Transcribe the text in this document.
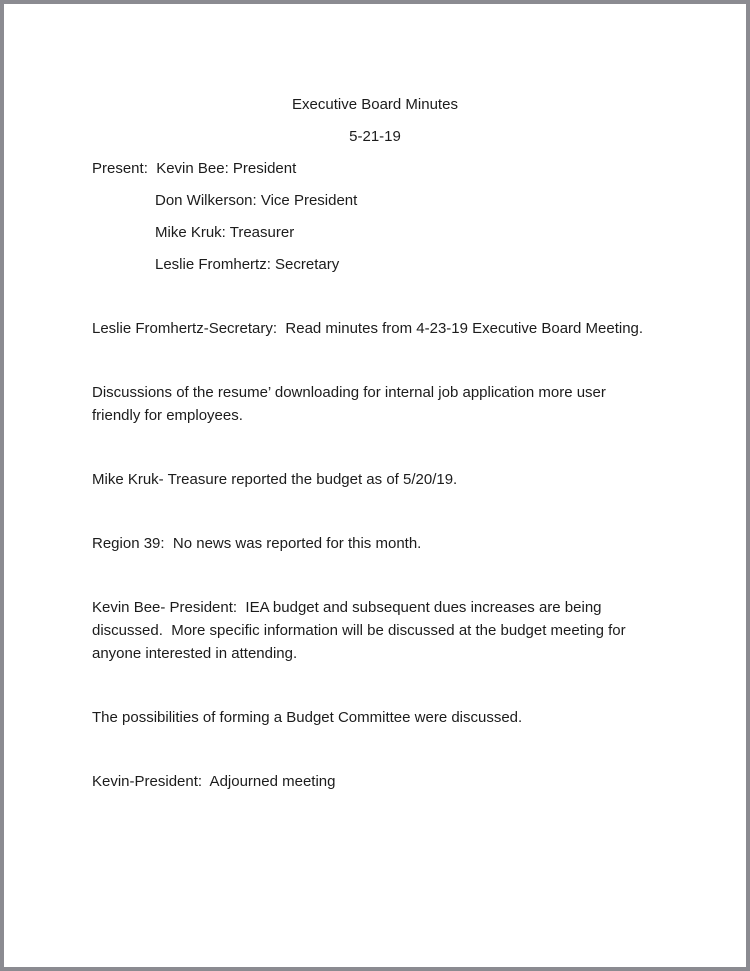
Executive Board Minutes

5-21-19

Present:  Kevin Bee: President

Don Wilkerson: Vice President

Mike Kruk: Treasurer

Leslie Fromhertz: Secretary

Leslie Fromhertz-Secretary:  Read minutes from 4-23-19 Executive Board Meeting.

Discussions of the resume’ downloading for internal job application more user

friendly for employees.

Mike Kruk- Treasure reported the budget as of 5/20/19.

Region 39:  No news was reported for this month.

Kevin Bee- President:  IEA budget and subsequent dues increases are being

discussed.  More specific information will be discussed at the budget meeting for

anyone interested in attending.

The possibilities of forming a Budget Committee were discussed.

Kevin-President:  Adjourned meeting
